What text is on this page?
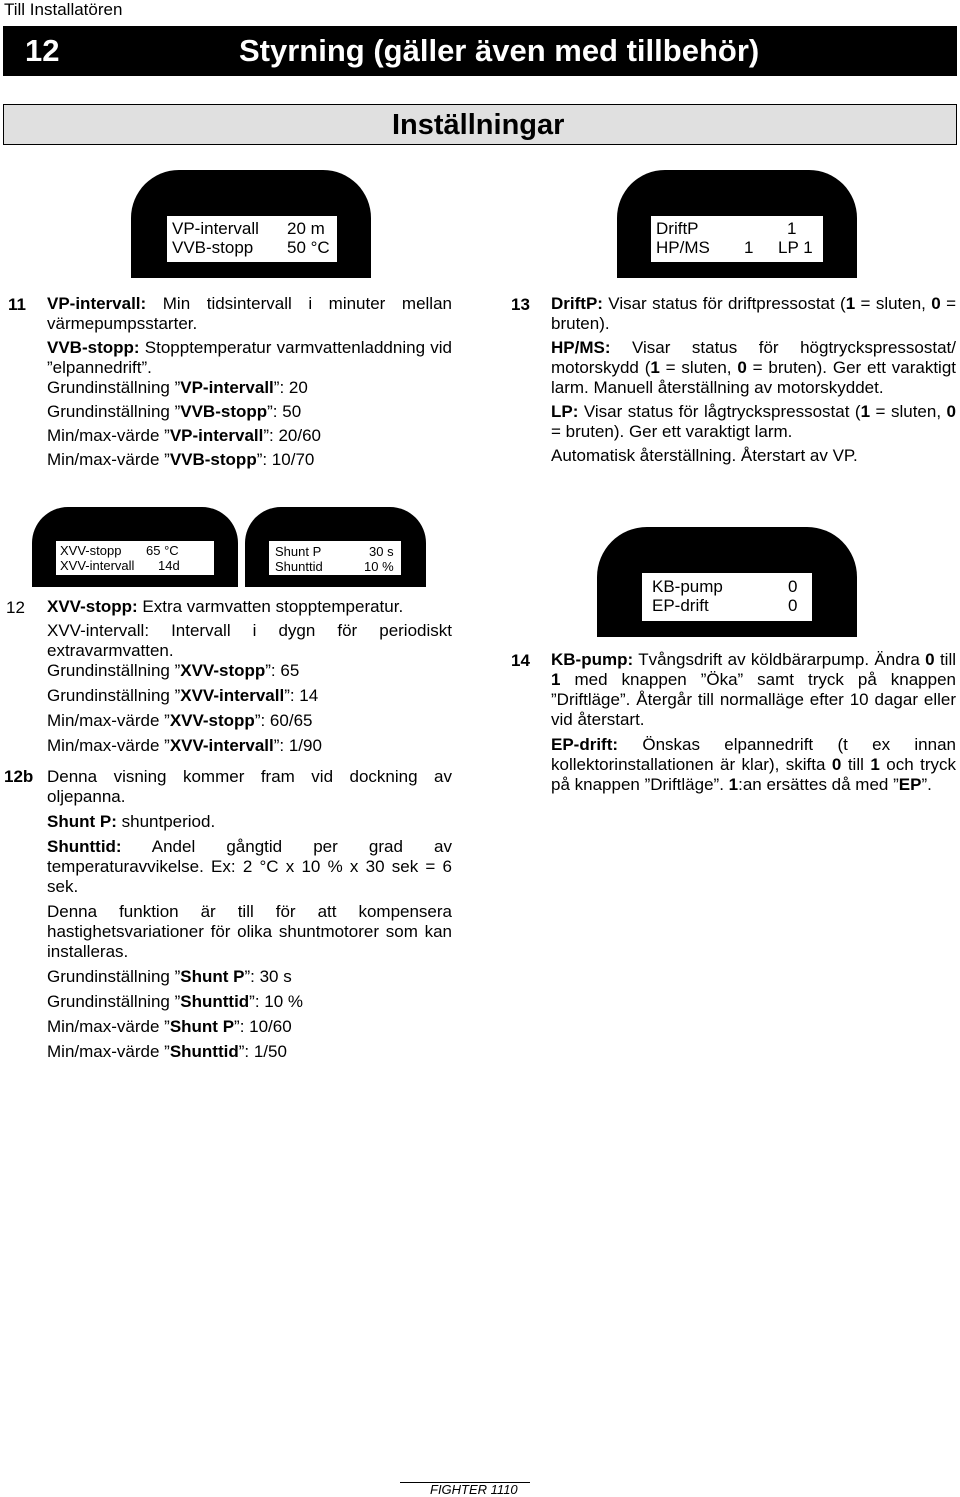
Till Installatören
12	Styrning (gäller även med tillbehör)
Inställningar
VP-intervall 20 m
VVB-stopp 50 °C
DriftP	1
HP/MS 1 LP 1
11 VP-intervall: Min tidsintervall i minuter mellan värmepumpsstarter.

VVB-stopp: Stopptemperatur varmvattenladdning vid ”elpannedrift”.

Grundinställning ”VP-intervall”: 20

Grundinställning ”VVB-stopp”: 50

Min/max-värde ”VP-intervall”: 20/60

Min/max-värde ”VVB-stopp”: 10/70

13 DriftP: Visar status för driftpressostat (1 = sluten, 0 = bruten).

HP/MS: Visar status för högtryckspressostat/ motorskydd (1 = sluten, 0 = bruten). Ger ett varaktigt larm. Manuell återställning av motorskyddet.

LP: Visar status för lågtryckspressostat (1 = sluten, 0 = bruten). Ger ett varaktigt larm.

Automatisk återställning. Återstart av VP.

XVV-stopp 65 °C
XVV-intervall 14d
Shunt P	30 s
Shunttid	10 %
KB-pump	0
EP-drift	0
12 XVV-stopp: Extra varmvatten stopptemperatur.

XVV-intervall: Intervall i dygn för periodiskt extravarmvatten.

Grundinställning ”XVV-stopp”: 65

Grundinställning ”XVV-intervall”: 14

Min/max-värde ”XVV-stopp”: 60/65

Min/max-värde ”XVV-intervall”: 1/90

12b Denna visning kommer fram vid dockning av oljepanna.

Shunt P: shuntperiod.

Shunttid: Andel gångtid per grad av temperaturavvikelse. Ex: 2 °C x 10 % x 30 sek = 6 sek.

Denna funktion är till för att kompensera hastighetsvariationer för olika shuntmotorer som kan installeras.

Grundinställning ”Shunt P”: 30 s

Grundinställning ”Shunttid”: 10 %

Min/max-värde ”Shunt P”: 10/60

Min/max-värde ”Shunttid”: 1/50

14 KB-pump: Tvångsdrift av köldbärarpump. Ändra 0 till 1 med knappen ”Öka” samt tryck på knappen ”Driftläge”. Återgår till normalläge efter 10 dagar eller vid återstart.

EP-drift: Önskas elpannedrift (t ex innan kollektorinstallationen är klar), skifta 0 till 1 och tryck på knappen ”Driftläge”. 1:an ersättes då med ”EP”.

FIGHTER 1110
